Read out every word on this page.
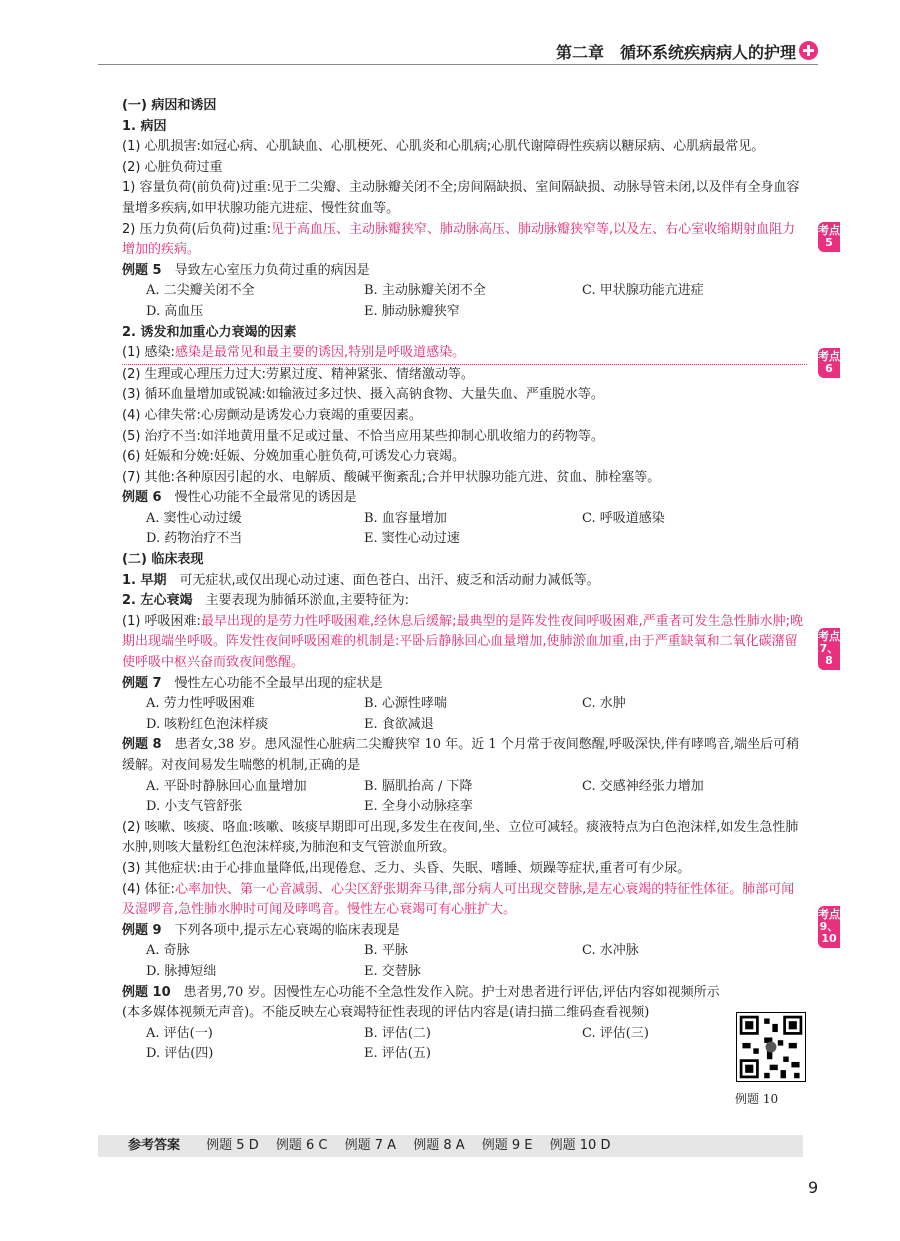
第二章　循环系统疾病病人的护理

(一) 病因和诱因

1. 病因

(1) 心肌损害:如冠心病、心肌缺血、心肌梗死、心肌炎和心肌病;心肌代谢障碍性疾病以糖尿病、心肌病最常见。

(2) 心脏负荷过重

1) 容量负荷(前负荷)过重:见于二尖瓣、主动脉瓣关闭不全;房间隔缺损、室间隔缺损、动脉导管未闭,以及伴有全身血容量增多疾病,如甲状腺功能亢进症、慢性贫血等。

2) 压力负荷(后负荷)过重:见于高血压、主动脉瓣狭窄、肺动脉高压、肺动脉瓣狭窄等,以及左、右心室收缩期射血阻力增加的疾病。

例题 5　 导致左心室压力负荷过重的病因是

A. 二尖瓣关闭不全	B. 主动脉瓣关闭不全	C. 甲状腺功能亢进症
D. 高血压	E. 肺动脉瓣狭窄

2. 诱发和加重心力衰竭的因素

(1) 感染:感染是最常见和最主要的诱因,特别是呼吸道感染。

(2) 生理或心理压力过大:劳累过度、精神紧张、情绪激动等。

(3) 循环血量增加或锐减:如输液过多过快、摄入高钠食物、大量失血、严重脱水等。

(4) 心律失常:心房颤动是诱发心力衰竭的重要因素。

(5) 治疗不当:如洋地黄用量不足或过量、不恰当应用某些抑制心肌收缩力的药物等。

(6) 妊娠和分娩:妊娠、分娩加重心脏负荷,可诱发心力衰竭。

(7) 其他:各种原因引起的水、电解质、酸碱平衡紊乱;合并甲状腺功能亢进、贫血、肺栓塞等。

例题 6　 慢性心功能不全最常见的诱因是

A. 窦性心动过缓	B. 血容量增加	C. 呼吸道感染
D. 药物治疗不当	E. 窦性心动过速

(二) 临床表现

1. 早期　 可无症状,或仅出现心动过速、面色苍白、出汗、疲乏和活动耐力减低等。

2. 左心衰竭　 主要表现为肺循环淤血,主要特征为:

(1) 呼吸困难:最早出现的是劳力性呼吸困难,经休息后缓解;最典型的是阵发性夜间呼吸困难,严重者可发生急性肺水肿;晚期出现端坐呼吸。阵发性夜间呼吸困难的机制是:平卧后静脉回心血量增加,使肺淤血加重,由于严重缺氧和二氧化碳潴留使呼吸中枢兴奋而致夜间憋醒。

例题 7　 慢性左心功能不全最早出现的症状是

A. 劳力性呼吸困难	B. 心源性哮喘	C. 水肿
D. 咳粉红色泡沫样痰	E. 食欲减退

例题 8　 患者女,38 岁。患风湿性心脏病二尖瓣狭窄 10 年。近 1 个月常于夜间憋醒,呼吸深快,伴有哮鸣音,端坐后可稍缓解。对夜间易发生喘憋的机制,正确的是

A. 平卧时静脉回心血量增加	B. 膈肌抬高 / 下降	C. 交感神经张力增加
D. 小支气管舒张	E. 全身小动脉痉挛

(2) 咳嗽、咳痰、咯血:咳嗽、咳痰早期即可出现,多发生在夜间,坐、立位可减轻。痰液特点为白色泡沫样,如发生急性肺水肿,则咳大量粉红色泡沫样痰,为肺泡和支气管淤血所致。

(3) 其他症状:由于心排血量降低,出现倦怠、乏力、头昏、失眠、嗜睡、烦躁等症状,重者可有少尿。

(4) 体征:心率加快、第一心音减弱、心尖区舒张期奔马律,部分病人可出现交替脉,是左心衰竭的特征性体征。肺部可闻及湿啰音,急性肺水肿时可闻及哮鸣音。慢性左心衰竭可有心脏扩大。

例题 9　 下列各项中,提示左心衰竭的临床表现是

A. 奇脉	B. 平脉	C. 水冲脉
D. 脉搏短绌	E. 交替脉

例题 10　 患者男,70 岁。因慢性左心功能不全急性发作入院。护士对患者进行评估,评估内容如视频所示(本多媒体视频无声音)。不能反映左心衰竭特征性表现的评估内容是(请扫描二维码查看视频)

A. 评估(一)	B. 评估(二)	C. 评估(三)
D. 评估(四)	E. 评估(五)
考点5
考点6
考点7、8
考点9、10
例题 10
参考答案 例题 5 D　 例题 6 C　 例题 7 A　 例题 8 A　 例题 9 E　 例题 10 D
9
